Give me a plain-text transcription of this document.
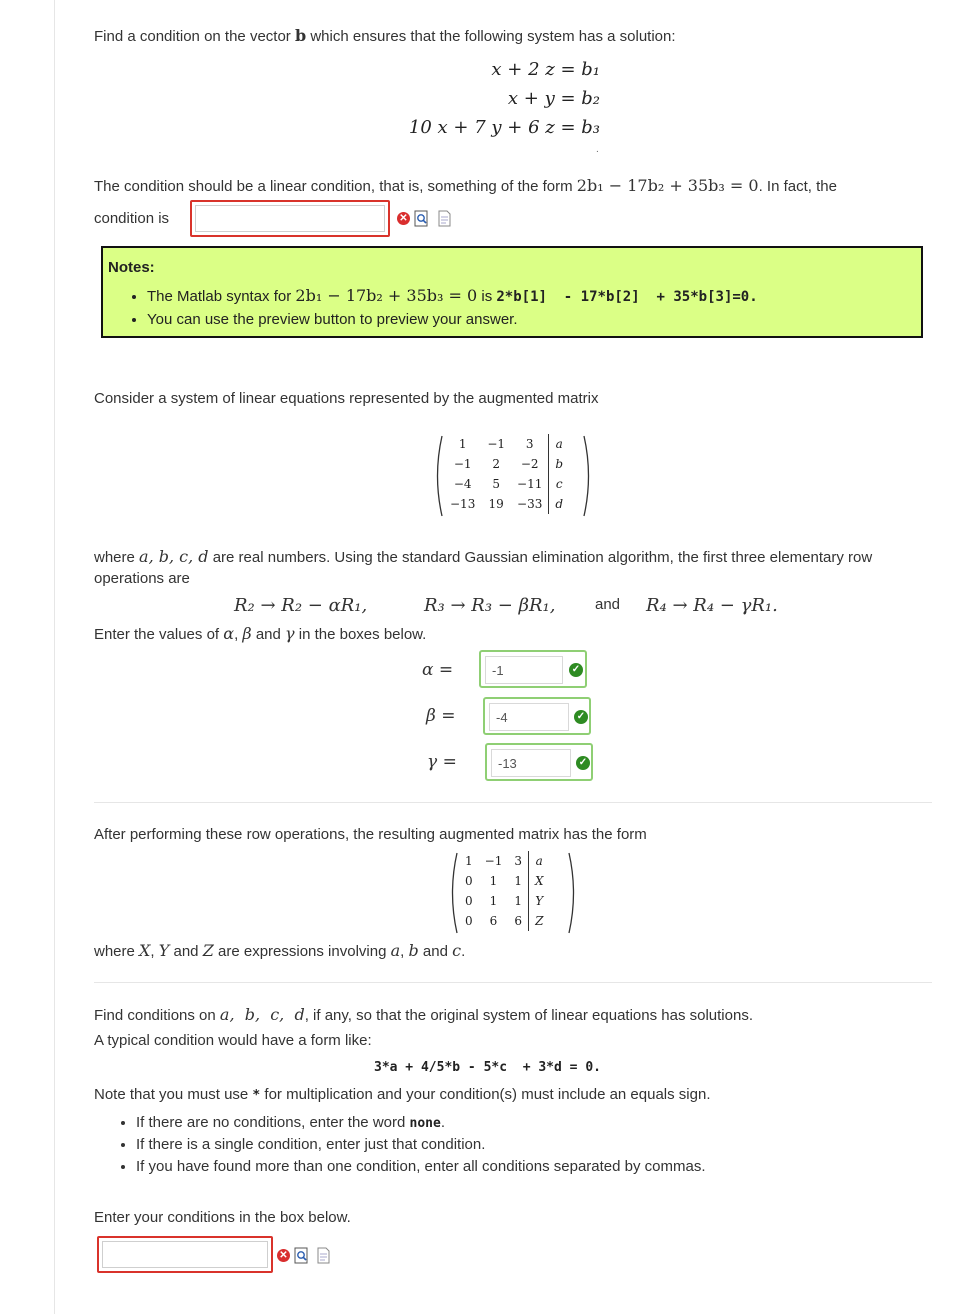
Find a condition on the vector b which ensures that the following system has a solution:
x + 2 z = b₁
x + y = b₂
10 x + 7 y + 6 z = b₃
.
The condition should be a linear condition, that is, something of the form 2b₁ − 17b₂ + 35b₃ = 0. In fact, the
condition is	✕
Notes:
• The Matlab syntax for 2b₁ − 17b₂ + 35b₃ = 0 is 2*b[1]  - 17*b[2]  + 35*b[3]=0.
• You can use the preview button to preview your answer.
Consider a system of linear equations represented by the augmented matrix
1	−1	3	a
−1	2	−2	b
−4	5	−11	c
−13	19	−33	d
where a, b, c, d are real numbers. Using the standard Gaussian elimination algorithm, the first three elementary row
operations are
R₂ → R₂ − αR₁,	R₃ → R₃ − βR₁,	and R₄ → R₄ − γR₁.
Enter the values of α, β and γ in the boxes below.
α =
-1	✓
β =
-4	✓
γ =
-13	✓
After performing these row operations, the resulting augmented matrix has the form
1	−1	3	a
0	1	1	X
0	1	1	Y
0	6	6	Z
where X, Y and Z are expressions involving a, b and c.
Find conditions on a,  b,  c,  d, if any, so that the original system of linear equations has solutions.
A typical condition would have a form like:
3*a + 4/5*b - 5*c  + 3*d = 0.
Note that you must use * for multiplication and your condition(s) must include an equals sign.
• If there are no conditions, enter the word none.
• If there is a single condition, enter just that condition.
• If you have found more than one condition, enter all conditions separated by commas.
Enter your conditions in the box below.
✕
